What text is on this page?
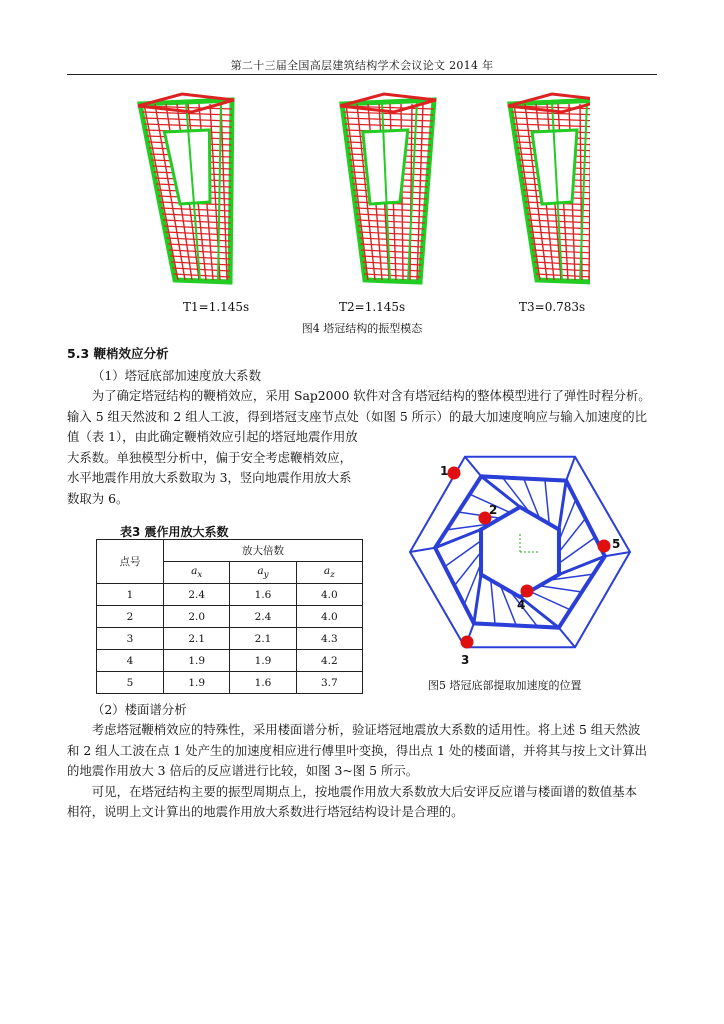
第二十三届全国高层建筑结构学术会议论文 2014 年
T1=1.145s	T2=1.145s	T3=0.783s
图4 塔冠结构的振型模态
5.3 鞭梢效应分析
（1）塔冠底部加速度放大系数

为了确定塔冠结构的鞭梢效应，采用 Sap2000 软件对含有塔冠结构的整体模型进行了弹性时程分析。

输入 5 组天然波和 2 组人工波，得到塔冠支座节点处（如图 5 所示）的最大加速度响应与输入加速度的比

值（表 1），由此确定鞭梢效应引起的塔冠地震作用放

大系数。单独模型分析中，偏于安全考虑鞭梢效应，

水平地震作用放大系数取为 3，竖向地震作用放大系

数取为 6。

表3 震作用放大系数
点号	放大倍数		
	$a_x$	$a_y$	$a_z$
1	2.4	1.6	4.0
2	2.0	2.4	4.0
3	2.1	2.1	4.3
4	1.9	1.9	4.2
5	1.9	1.6	3.7
1
2
3
4
5
图5 塔冠底部提取加速度的位置
（2）楼面谱分析

考虑塔冠鞭梢效应的特殊性，采用楼面谱分析，验证塔冠地震放大系数的适用性。将上述 5 组天然波

和 2 组人工波在点 1 处产生的加速度相应进行傅里叶变换，得出点 1 处的楼面谱，并将其与按上文计算出

的地震作用放大 3 倍后的反应谱进行比较，如图 3~图 5 所示。

可见，在塔冠结构主要的振型周期点上，按地震作用放大系数放大后安评反应谱与楼面谱的数值基本

相符，说明上文计算出的地震作用放大系数进行塔冠结构设计是合理的。
